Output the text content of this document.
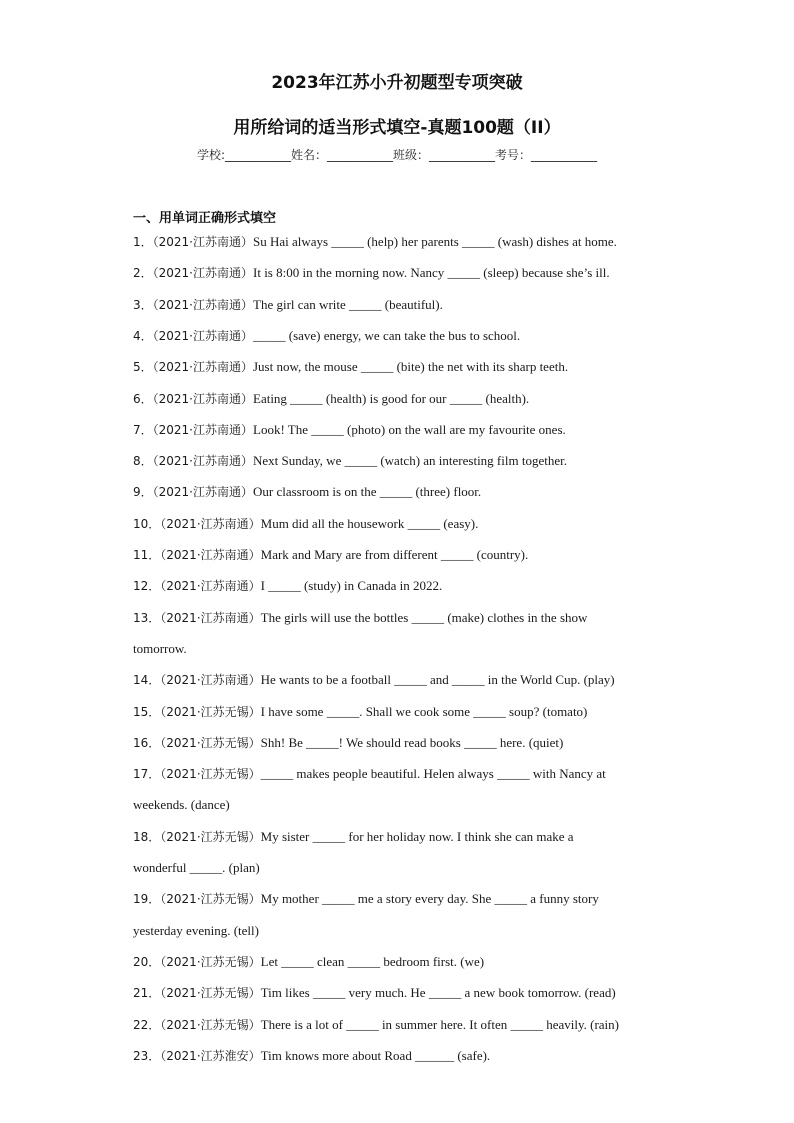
2023年江苏小升初题型专项突破
用所给词的适当形式填空-真题100题（II）
学校:___________姓名：___________班级：___________考号：___________
一、用单词正确形式填空
1．（2021·江苏南通）Su Hai always _____ (help) her parents _____ (wash) dishes at home.
2．（2021·江苏南通）It is 8:00 in the morning now. Nancy _____ (sleep) because she’s ill.
3．（2021·江苏南通）The girl can write _____ (beautiful).
4．（2021·江苏南通）_____ (save) energy, we can take the bus to school.
5．（2021·江苏南通）Just now, the mouse _____ (bite) the net with its sharp teeth.
6．（2021·江苏南通）Eating _____ (health) is good for our _____ (health).
7．（2021·江苏南通）Look! The _____ (photo) on the wall are my favourite ones.
8．（2021·江苏南通）Next Sunday, we _____ (watch) an interesting film together.
9．（2021·江苏南通）Our classroom is on the _____ (three) floor.
10．（2021·江苏南通）Mum did all the housework _____ (easy).
11．（2021·江苏南通）Mark and Mary are from different _____ (country).
12．（2021·江苏南通）I _____ (study) in Canada in 2022.
13．（2021·江苏南通）The girls will use the bottles _____ (make) clothes in the show
tomorrow.
14．（2021·江苏南通）He wants to be a football _____ and _____ in the World Cup. (play)
15．（2021·江苏无锡）I have some _____. Shall we cook some _____ soup? (tomato)
16．（2021·江苏无锡）Shh! Be _____! We should read books _____ here. (quiet)
17．（2021·江苏无锡）_____ makes people beautiful. Helen always _____ with Nancy at
weekends. (dance)
18．（2021·江苏无锡）My sister _____ for her holiday now. I think she can make a
wonderful _____. (plan)
19．（2021·江苏无锡）My mother _____ me a story every day. She _____ a funny story
yesterday evening. (tell)
20．（2021·江苏无锡）Let _____ clean _____ bedroom first. (we)
21．（2021·江苏无锡）Tim likes _____ very much. He _____ a new book tomorrow. (read)
22．（2021·江苏无锡）There is a lot of _____ in summer here. It often _____ heavily. (rain)
23．（2021·江苏淮安）Tim knows more about Road ______ (safe).
